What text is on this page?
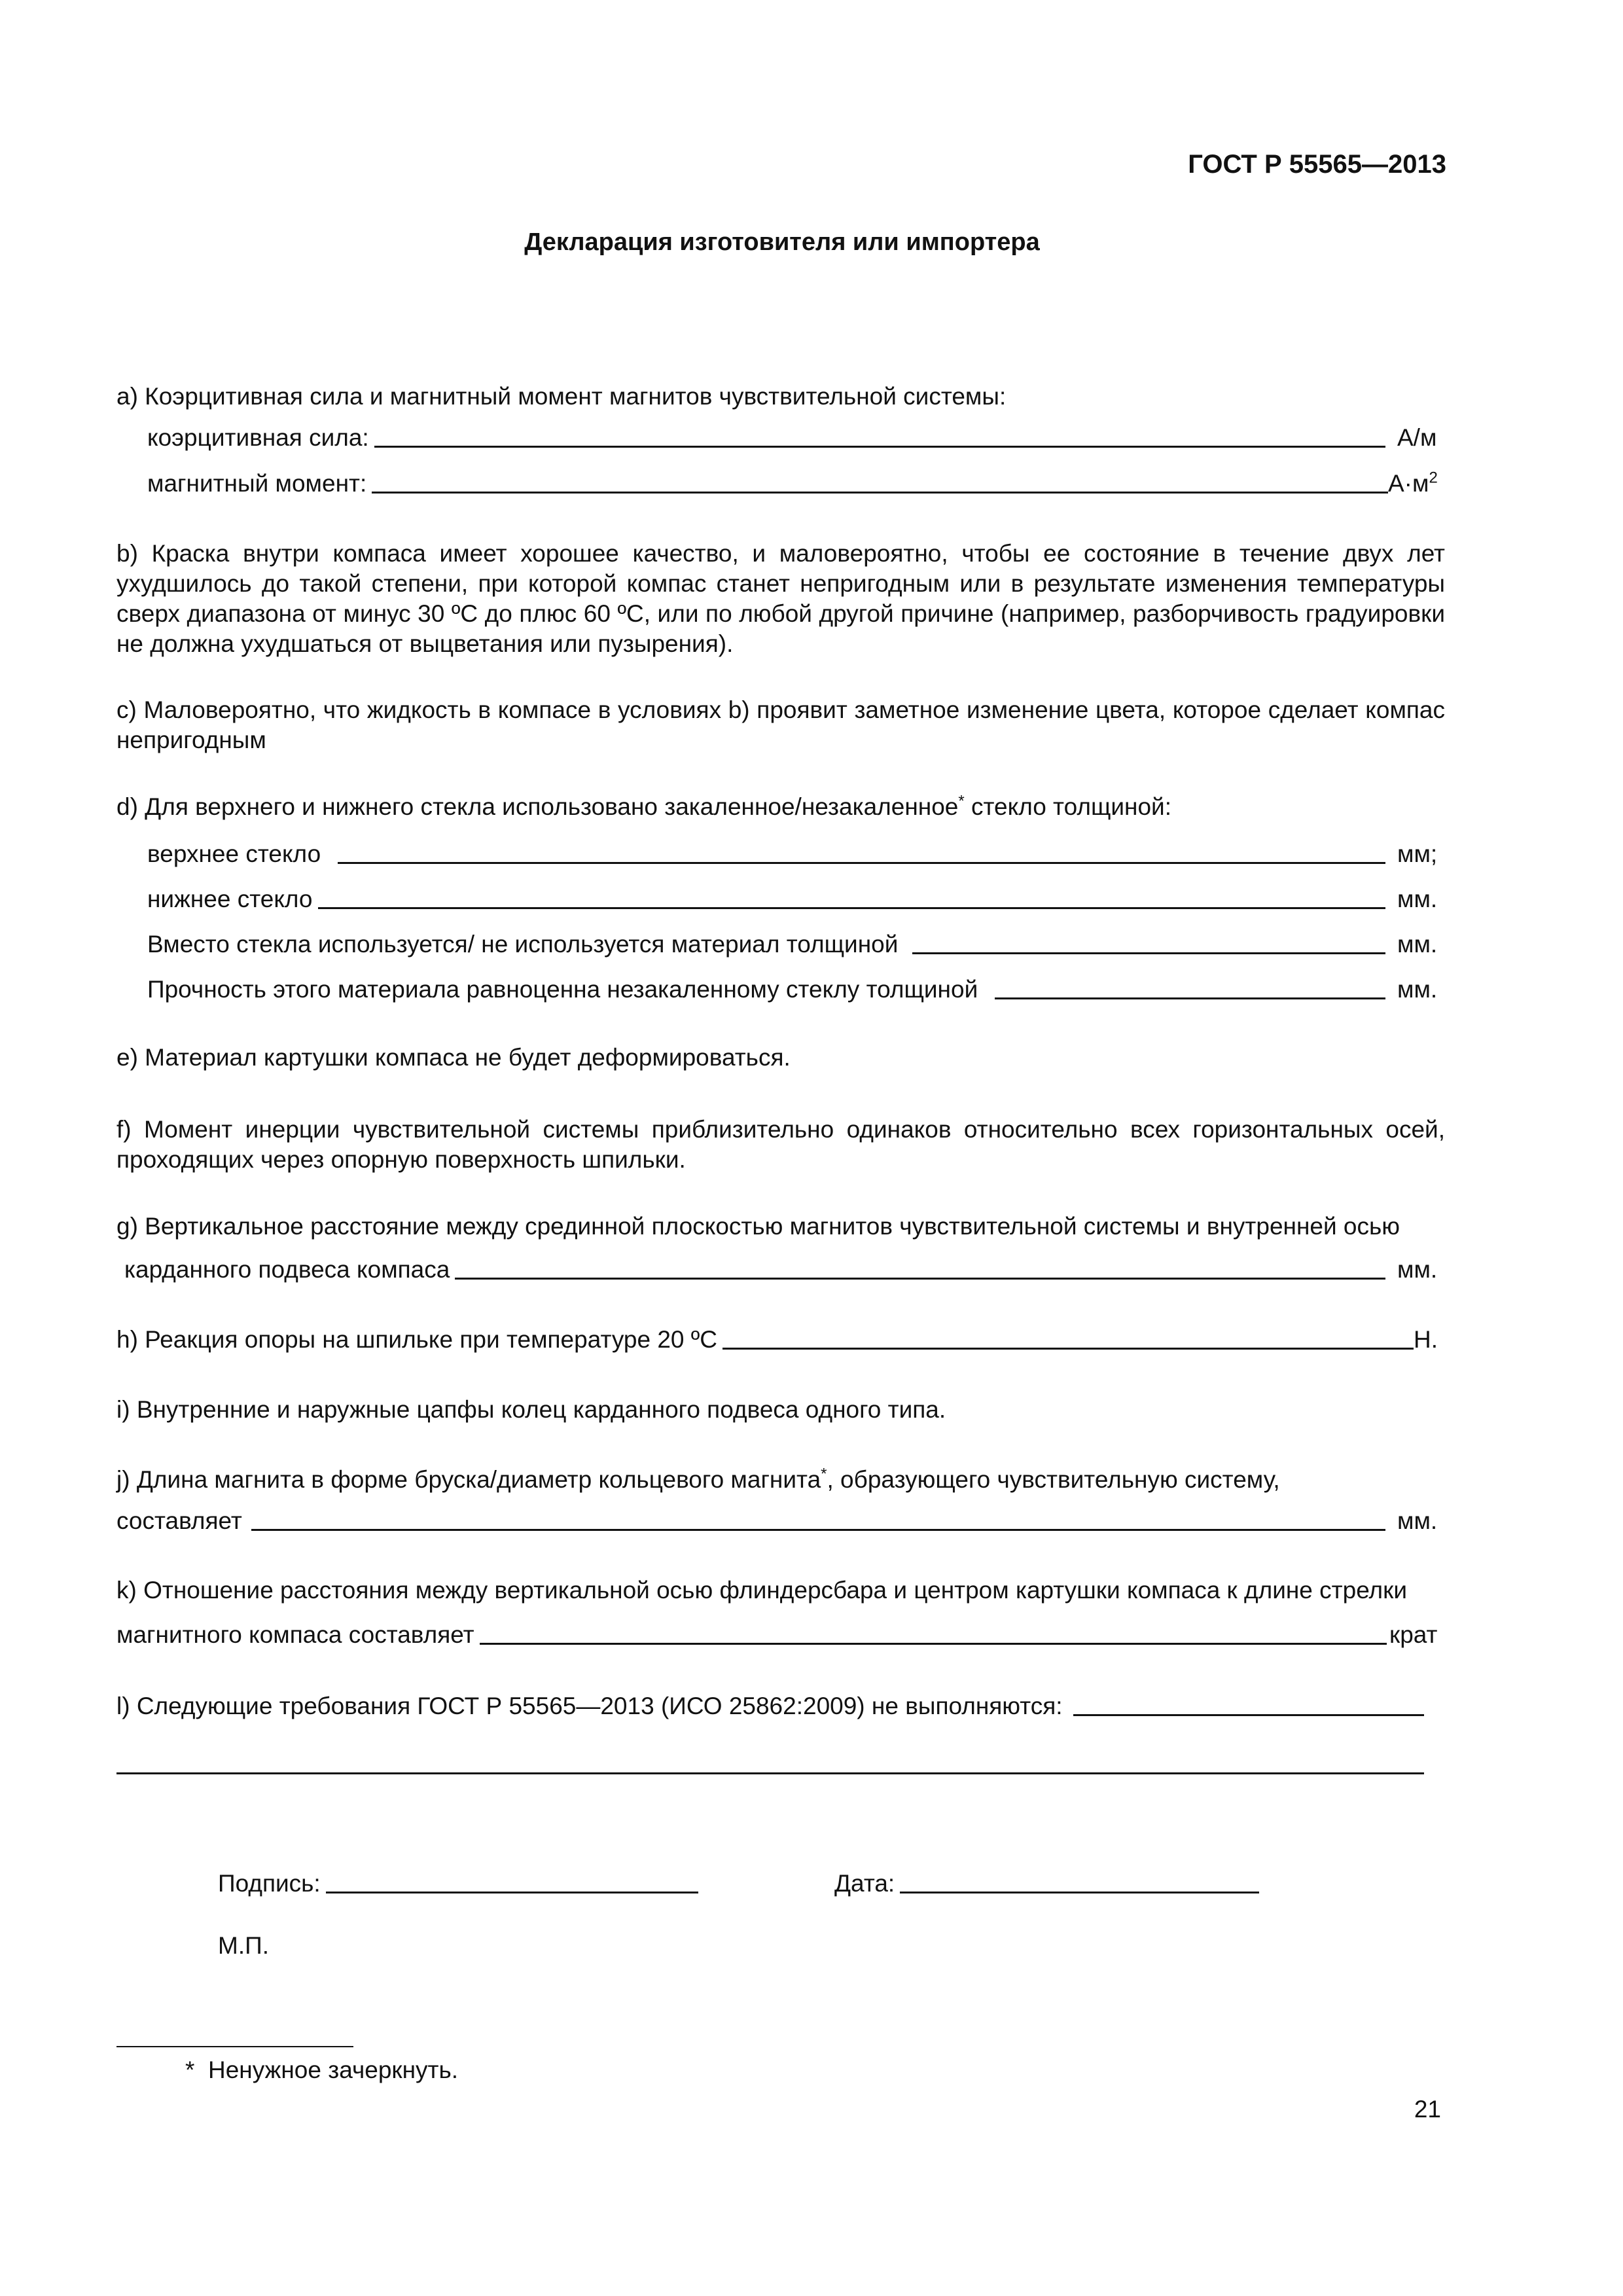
ГОСТ Р 55565—2013
Декларация изготовителя или импортера
а) Коэрцитивная сила и магнитный момент магнитов чувствительной системы:
коэрцитивная сила:	А/м
магнитный момент:	$А\cdot м^2$
b) Краска внутри компаса имеет хорошее качество, и маловероятно, чтобы ее состояние в течение двух лет ухудшилось до такой степени, при которой компас станет непригодным или в результате изменения температуры сверх диапазона от минус 30 ºС до плюс 60 ºС, или по любой другой причине (например, разборчивость градуировки не должна ухудшаться от выцветания или пузырения).
с) Маловероятно, что жидкость в компасе в условиях b) проявит заметное изменение цвета, которое сделает компас непригодным
d) Для верхнего и нижнего стекла использовано закаленное/незакаленное* стекло толщиной:
верхнее стекло	мм;
нижнее стекло	мм.
Вместо стекла используется/ не используется материал толщиной	мм.
Прочность этого материала равноценна незакаленному стеклу толщиной	мм.
е) Материал картушки компаса не будет деформироваться.
f) Момент инерции чувствительной системы приблизительно одинаков относительно всех горизонтальных осей, проходящих через опорную поверхность шпильки.
g) Вертикальное расстояние между срединной плоскостью магнитов чувствительной системы и внутренней осью
карданного подвеса компаса	мм.
h) Реакция опоры на шпильке при температуре 20 ºС	Н.
i) Внутренние и наружные цапфы колец карданного подвеса одного типа.
j) Длина магнита в форме бруска/диаметр кольцевого магнита*, образующего чувствительную систему,
составляет	мм.
k) Отношение расстояния между вертикальной осью флиндерсбара и центром картушки компаса к длине стрелки
магнитного компаса составляет	крат
l) Следующие требования ГОСТ Р 55565—2013 (ИСО 25862:2009) не выполняются:
Подпись:	Дата:
М.П.
* Ненужное зачеркнуть.
21
